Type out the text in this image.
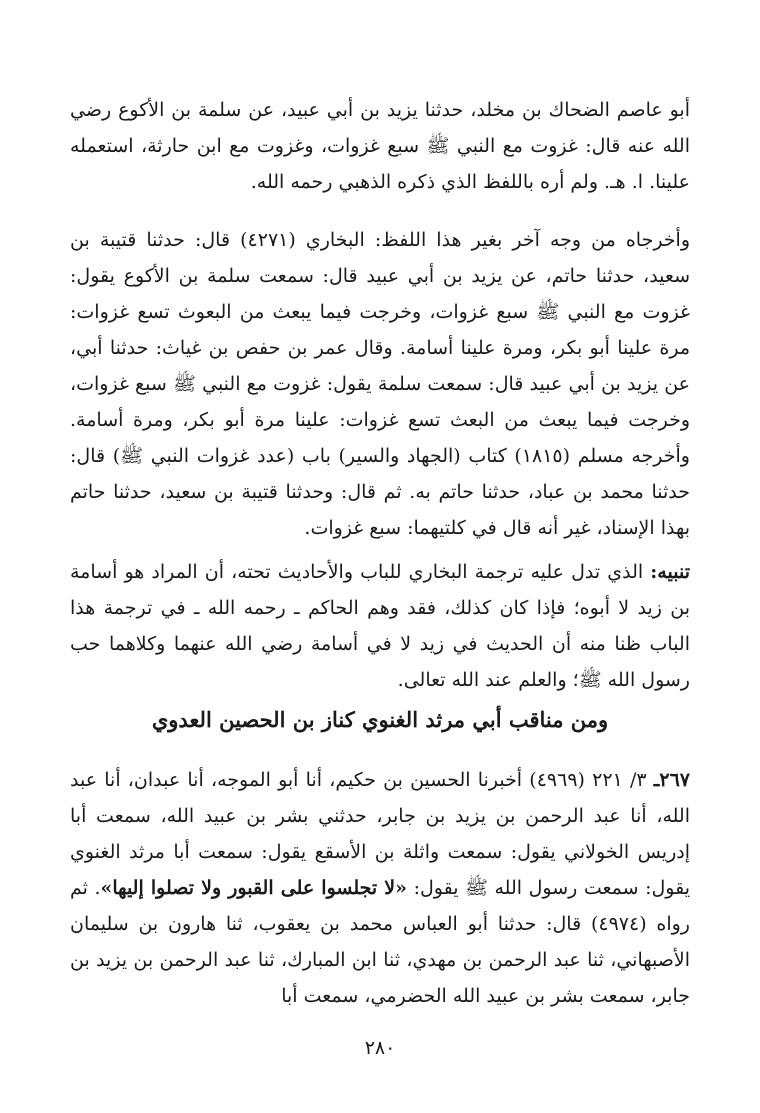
أبو عاصم الضحاك بن مخلد، حدثنا يزيد بن أبي عبيد، عن سلمة بن الأكوع رضي الله عنه قال: غزوت مع النبي ﷺ سبع غزوات، وغزوت مع ابن حارثة، استعمله علينا. ا. هـ. ولم أره باللفظ الذي ذكره الذهبي رحمه الله.

وأخرجاه من وجه آخر بغير هذا اللفظ: البخاري (٤٢٧١) قال: حدثنا قتيبة بن سعيد، حدثنا حاتم، عن يزيد بن أبي عبيد قال: سمعت سلمة بن الأكوع يقول: غزوت مع النبي ﷺ سبع غزوات، وخرجت فيما يبعث من البعوث تسع غزوات: مرة علينا أبو بكر، ومرة علينا أسامة. وقال عمر بن حفص بن غياث: حدثنا أبي، عن يزيد بن أبي عبيد قال: سمعت سلمة يقول: غزوت مع النبي ﷺ سبع غزوات، وخرجت فيما يبعث من البعث تسع غزوات: علينا مرة أبو بكر، ومرة أسامة. وأخرجه مسلم (١٨١٥) كتاب (الجهاد والسير) باب (عدد غزوات النبي ﷺ) قال: حدثنا محمد بن عباد، حدثنا حاتم به. ثم قال: وحدثنا قتيبة بن سعيد، حدثنا حاتم بهذا الإسناد، غير أنه قال في كلتيهما: سبع غزوات.

تنبيه: الذي تدل عليه ترجمة البخاري للباب والأحاديث تحته، أن المراد هو أسامة بن زيد لا أبوه؛ فإذا كان كذلك، فقد وهم الحاكم ـ رحمه الله ـ في ترجمة هذا الباب ظنا منه أن الحديث في زيد لا في أسامة رضي الله عنهما وكلاهما حب رسول الله ﷺ؛ والعلم عند الله تعالى.

ومن مناقب أبي مرثد الغنوي كناز بن الحصين العدوي

٢٦٧ـ ٣/ ٢٢١ (٤٩٦٩) أخبرنا الحسين بن حكيم، أنا أبو الموجه، أنا عبدان، أنا عبد الله، أنا عبد الرحمن بن يزيد بن جابر، حدثني بشر بن عبيد الله، سمعت أبا إدريس الخولاني يقول: سمعت واثلة بن الأسقع يقول: سمعت أبا مرثد الغنوي يقول: سمعت رسول الله ﷺ يقول: «لا تجلسوا على القبور ولا تصلوا إليها». ثم رواه (٤٩٧٤) قال: حدثنا أبو العباس محمد بن يعقوب، ثنا هارون بن سليمان الأصبهاني، ثنا عبد الرحمن بن مهدي، ثنا ابن المبارك، ثنا عبد الرحمن بن يزيد بن جابر، سمعت بشر بن عبيد الله الحضرمي، سمعت أبا

٢٨٠
